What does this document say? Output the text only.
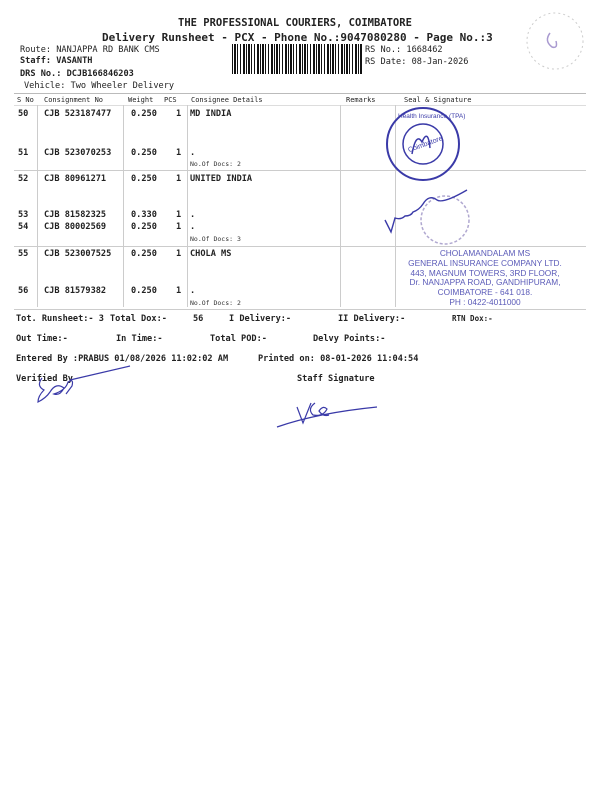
THE PROFESSIONAL COURIERS, COIMBATORE
Delivery Runsheet - PCX - Phone No.:9047080280 - Page No.:3
Route: NANJAPPA RD BANK CMS
Staff: VASANTH
DRS No.: DCJB166846203
Vehicle: Two Wheeler Delivery
RS No.: 1668462
RS Date: 08-Jan-2026
S No Consignment No	Weight PCS Consignee Details	Remarks	Seal & Signature
50 CJB 523187477 0.250 1 MD INDIA
51 CJB 523070253 0.250 1 .
No.Of Docs: 2
52 CJB 80961271	0.250 1 UNITED INDIA
53 CJB 81582325	0.330 1 .
54 CJB 80002569	0.250 1 .
No.Of Docs: 3
55 CJB 523007525 0.250 1 CHOLA MS
56 CJB 81579382	0.250 1 .
No.Of Docs: 2
Coimbatore
Health Insurance (TPA)
CHOLAMANDALAM MS
GENERAL INSURANCE COMPANY LTD.
443, MAGNUM TOWERS, 3RD FLOOR,
Dr. NANJAPPA ROAD, GANDHIPURAM,
COIMBATORE - 641 018.
PH : 0422-4011000
Tot. Runsheet:- 3 Total Dox:-	56	I Delivery:-	II Delivery:-	RTN Dox:-
Out Time:-	In Time:-	Total POD:-	Delvy Points:-
Entered By :PRABUS 01/08/2026 11:02:02 AM	Printed on: 08-01-2026 11:04:54
Verified By	Staff Signature
